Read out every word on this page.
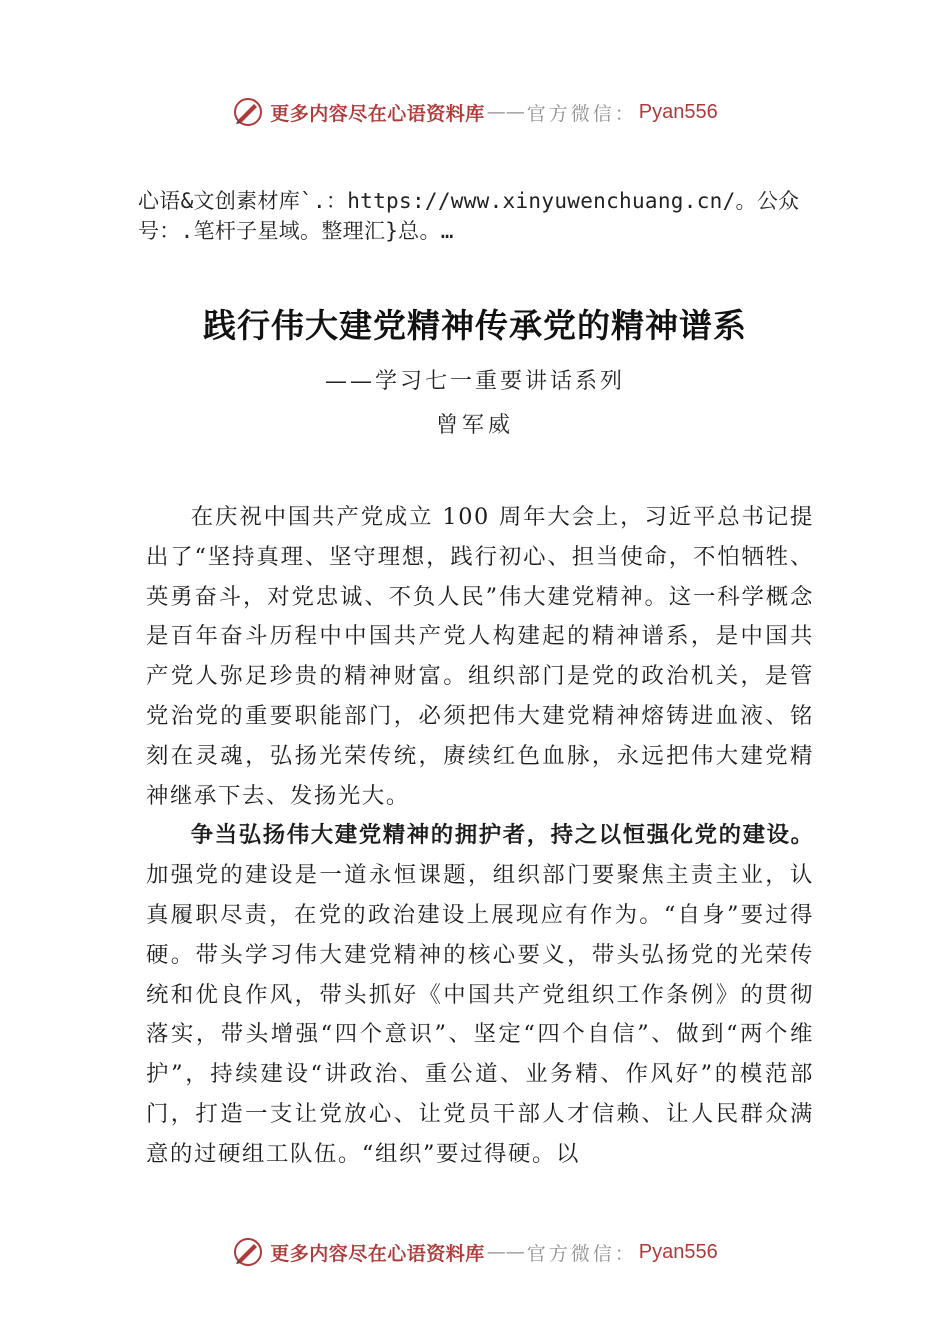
更多内容尽在心语资料库 —— 官方微信： Pyan556
心语&文创素材库`.：https://www.xinyuwenchuang.cn/。公众号：.笔杆子星域。整理汇}总。…
践行伟大建党精神传承党的精神谱系
——学习七一重要讲话系列
曾军威

在庆祝中国共产党成立 100 周年大会上，习近平总书记提出了“坚持真理、坚守理想，践行初心、担当使命，不怕牺牲、英勇奋斗，对党忠诚、不负人民”伟大建党精神。这一科学概念是百年奋斗历程中中国共产党人构建起的精神谱系，是中国共产党人弥足珍贵的精神财富。组织部门是党的政治机关，是管党治党的重要职能部门，必须把伟大建党精神熔铸进血液、铭刻在灵魂，弘扬光荣传统，赓续红色血脉，永远把伟大建党精神继承下去、发扬光大。

争当弘扬伟大建党精神的拥护者，持之以恒强化党的建设。加强党的建设是一道永恒课题，组织部门要聚焦主责主业，认真履职尽责，在党的政治建设上展现应有作为。“自身”要过得硬。带头学习伟大建党精神的核心要义，带头弘扬党的光荣传统和优良作风，带头抓好《中国共产党组织工作条例》的贯彻落实，带头增强“四个意识”、坚定“四个自信”、做到“两个维护”，持续建设“讲政治、重公道、业务精、作风好”的模范部门，打造一支让党放心、让党员干部人才信赖、让人民群众满意的过硬组工队伍。“组织”要过得硬。以

更多内容尽在心语资料库 —— 官方微信： Pyan556
